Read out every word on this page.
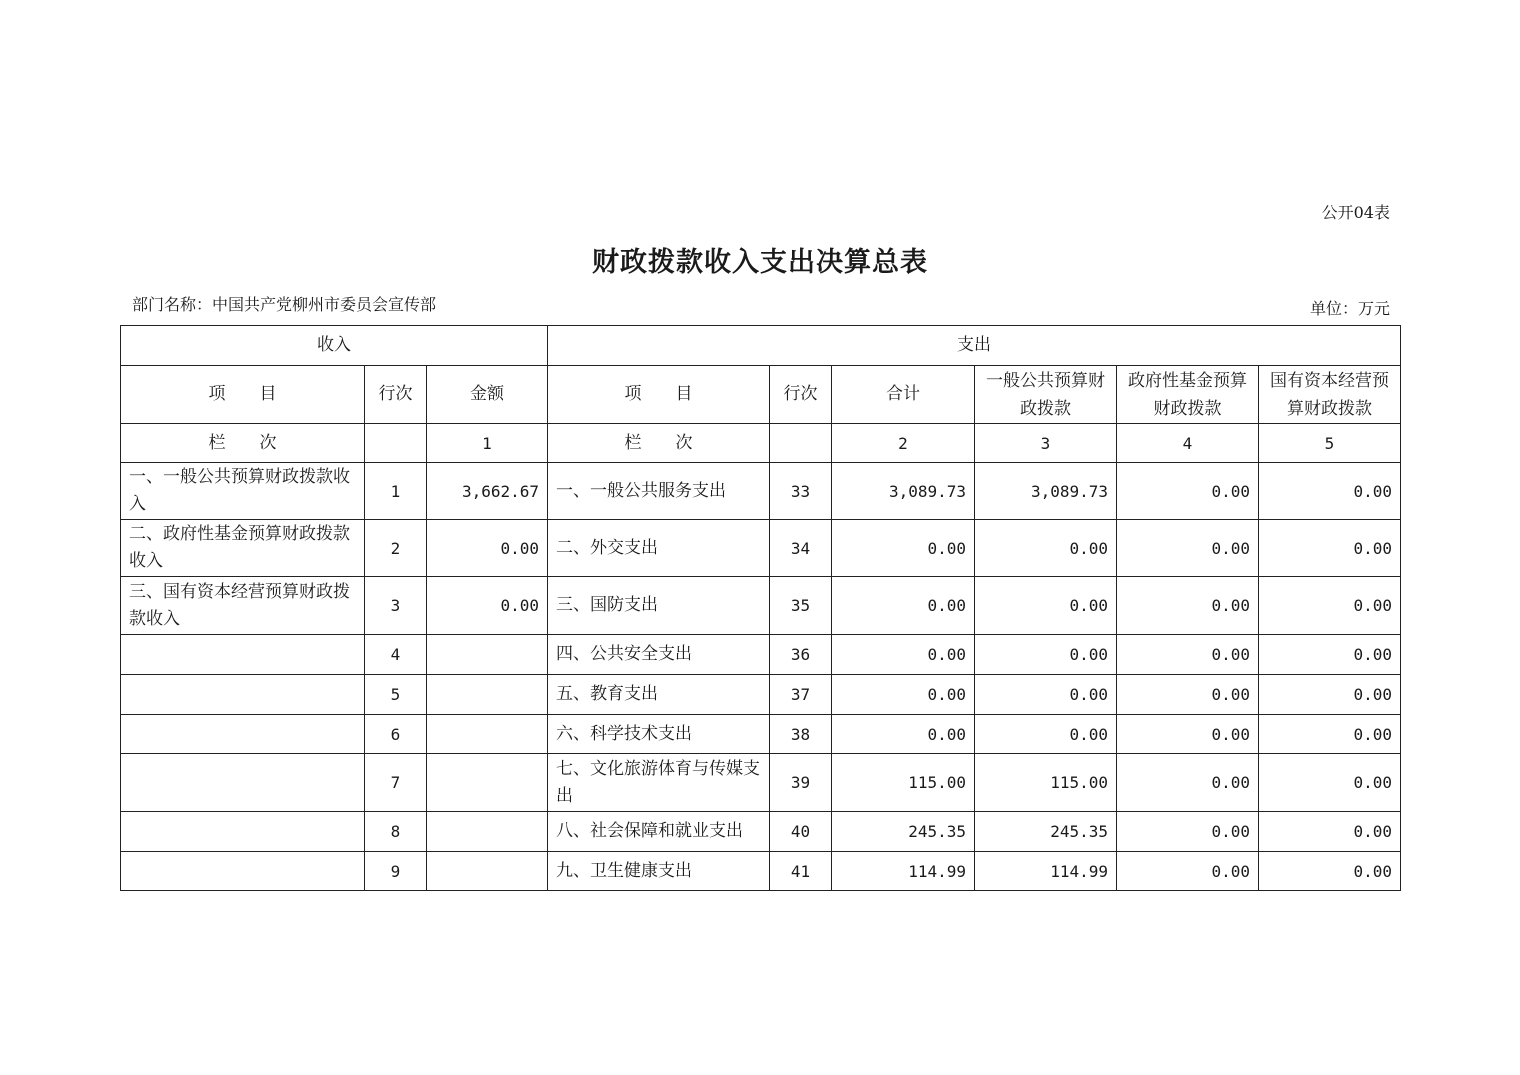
公开04表
财政拨款收入支出决算总表
部门名称：中国共产党柳州市委员会宣传部	单位：万元
收入			支出					
项　　目	行次	金额	项　　目	行次	合计	一般公共预算财政拨款	政府性基金预算财政拨款	国有资本经营预算财政拨款
栏　　次		1	栏　　次		2	3	4	5
一、一般公共预算财政拨款收入	1	3,662.67	一、一般公共服务支出	33	3,089.73	3,089.73	0.00	0.00
二、政府性基金预算财政拨款收入	2	0.00	二、外交支出	34	0.00	0.00	0.00	0.00
三、国有资本经营预算财政拨款收入	3	0.00	三、国防支出	35	0.00	0.00	0.00	0.00
	4		四、公共安全支出	36	0.00	0.00	0.00	0.00
	5		五、教育支出	37	0.00	0.00	0.00	0.00
	6		六、科学技术支出	38	0.00	0.00	0.00	0.00
	7		七、文化旅游体育与传媒支出	39	115.00	115.00	0.00	0.00
	8		八、社会保障和就业支出	40	245.35	245.35	0.00	0.00
	9		九、卫生健康支出	41	114.99	114.99	0.00	0.00
